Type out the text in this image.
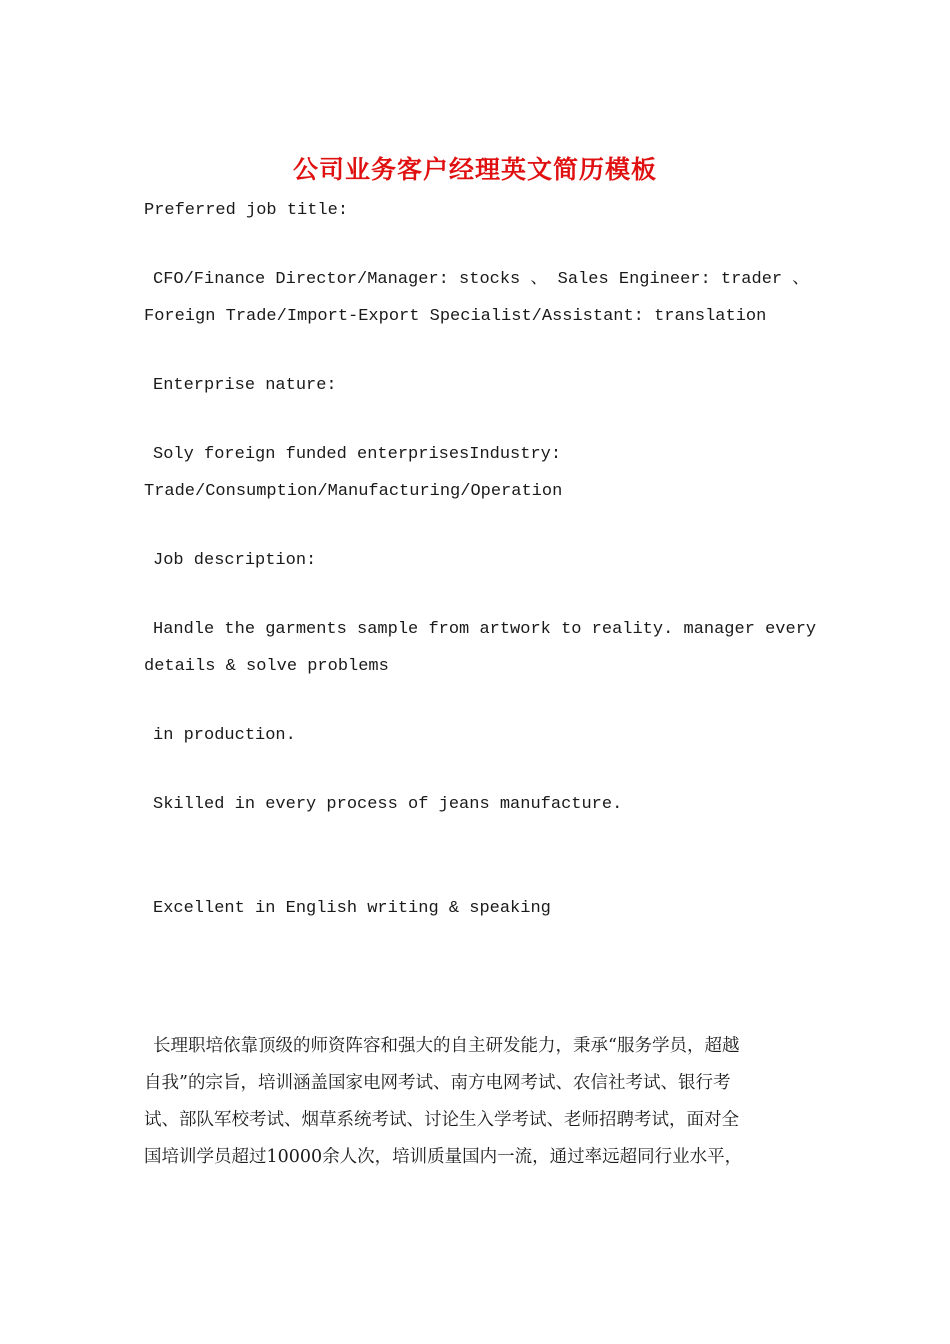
公司业务客户经理英文简历模板
Preferred job title:
CFO/Finance Director/Manager: stocks 、 Sales Engineer: trader 、
Foreign Trade/Import-Export Specialist/Assistant: translation
Enterprise nature:
Soly foreign funded enterprisesIndustry:
Trade/Consumption/Manufacturing/Operation
Job description:
Handle the garments sample from artwork to reality. manager every
details & solve problems
in production.
Skilled in every process of jeans manufacture.
Excellent in English writing & speaking

长理职培依靠顶级的师资阵容和强大的自主研发能力，秉承“服务学员，超越

自我”的宗旨，培训涵盖国家电网考试、南方电网考试、农信社考试、银行考

试、部队军校考试、烟草系统考试、讨论生入学考试、老师招聘考试，面对全

国培训学员超过10000余人次，培训质量国内一流，通过率远超同行业水平，
